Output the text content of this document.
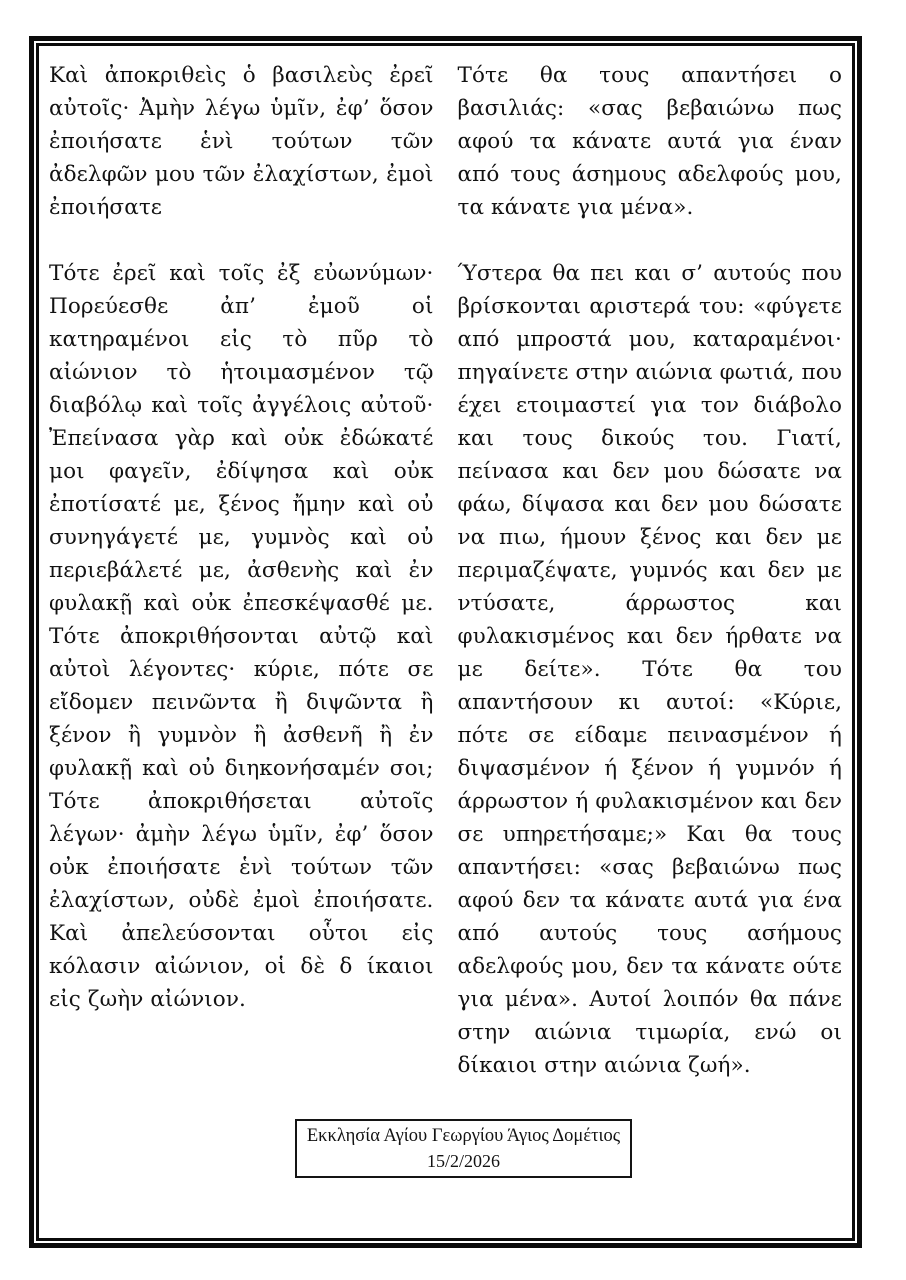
Καὶ ἀποκριθεὶς ὁ βασιλεὺς ἐρεῖ αὐτοῖς· Ἀμὴν λέγω ὑμῖν, ἐφ’ ὅσον ἐποιήσατε ἑνὶ τούτων τῶν ἀδελφῶν μου τῶν ἐλαχίστων, ἐμοὶ ἐποιήσατε

Τότε ἐρεῖ καὶ τοῖς ἐξ εὐωνύμων· Πορεύεσθε ἀπ’ ἐμοῦ οἱ κατηραμένοι εἰς τὸ πῦρ τὸ αἰώνιον τὸ ἡτοιμασμένον τῷ διαβόλῳ καὶ τοῖς ἀγγέλοις αὐτοῦ· Ἐπείνασα γὰρ καὶ οὐκ ἐδώκατέ μοι φαγεῖν, ἐδίψησα καὶ οὐκ ἐποτίσατέ με, ξένος ἤμην καὶ οὐ συνηγάγετέ με, γυμνὸς καὶ οὐ περιεβάλετέ με, ἀσθενὴς καὶ ἐν φυλακῇ καὶ οὐκ ἐπεσκέψασθέ με. Τότε ἀποκριθήσονται αὐτῷ καὶ αὐτοὶ λέγοντες· κύριε, πότε σε εἴδομεν πεινῶντα ἢ διψῶντα ἢ ξένον ἢ γυμνὸν ἢ ἀσθενῆ ἢ ἐν φυλακῇ καὶ οὐ διηκονήσαμέν σοι; Τότε ἀποκριθήσεται αὐτοῖς λέγων· ἀμὴν λέγω ὑμῖν, ἐφ’ ὅσον οὐκ ἐποιήσατε ἑνὶ τούτων τῶν ἐλαχίστων, οὐδὲ ἐμοὶ ἐποιήσατε. Καὶ ἀπελεύσονται οὗτοι εἰς κόλασιν αἰώνιον, οἱ δὲ δ ίκαιοι εἰς ζωὴν αἰώνιον.

Τότε θα τους απαντήσει ο βασιλιάς: «σας βεβαιώνω πως αφού τα κάνατε αυτά για έναν από τους άσημους αδελφούς μου, τα κάνατε για μένα».

Ύστερα θα πει και σ’ αυτούς που βρίσκονται αριστερά του: «φύγετε από μπροστά μου, καταραμένοι· πηγαίνετε στην αιώνια φωτιά, που έχει ετοιμαστεί για τον διάβολο και τους δικούς του. Γιατί, πείνασα και δεν μου δώσατε να φάω, δίψασα και δεν μου δώσατε να πιω, ήμουν ξένος και δεν με περιμαζέψατε, γυμνός και δεν με ντύσατε, άρρωστος και φυλακισμένος και δεν ήρθατε να με δείτε». Τότε θα του απαντήσουν κι αυτοί: «Κύριε, πότε σε είδαμε πεινασμένον ή διψασμένον ή ξένον ή γυμνόν ή άρρωστον ή φυλακισμένον και δεν σε υπηρετήσαμε;» Και θα τους απαντήσει: «σας βεβαιώνω πως αφού δεν τα κάνατε αυτά για ένα από αυτούς τους ασήμους αδελφούς μου, δεν τα κάνατε ούτε για μένα». Αυτοί λοιπόν θα πάνε στην αιώνια τιμωρία, ενώ οι δίκαιοι στην αιώνια ζωή».

Εκκλησία Αγίου Γεωργίου Άγιος Δομέτιος
15/2/2026
